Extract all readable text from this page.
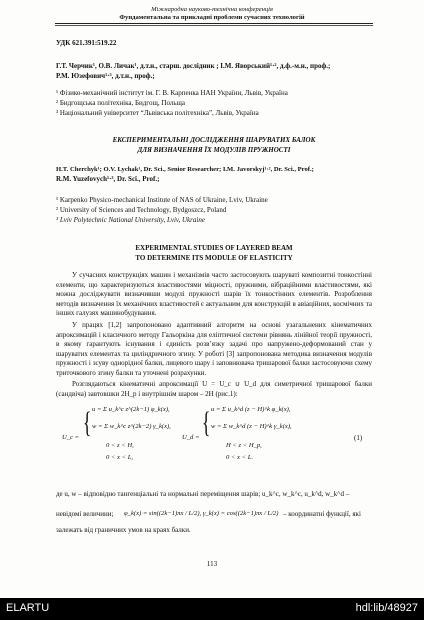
Міжнародна науково-технічна конференція
Фундаментальна та прикладні проблеми сучасних технологій
УДК 621.391:519.22
Г.Т. Черчик¹, О.В. Личак¹, д.т.н., старш. дослідник ; І.М. Яворський¹·², д.ф.-м.н., проф.;
Р.М. Юзефович¹·³, д.т.н., проф.;
¹ Фізико-механічний інститут ім. Г. В. Карпенка НАН України, Львів, Україна
² Бидгощська політехніка, Бидгощ, Польща
³ Національний університет “Львівська політехніка”, Львів, Україна
ЕКСПЕРИМЕНТАЛЬНІ ДОСЛІДЖЕННЯ ШАРУВАТИХ БАЛОК
ДЛЯ ВИЗНАЧЕННЯ ЇХ МОДУЛІВ ПРУЖНОСТІ
H.T. Cherchyk¹; O.V. Lychak¹, Dr. Sci., Senior Researcher; I.M. Javorskyj¹·², Dr. Sci., Prof.;
R.M. Yuzefovych¹·³, Dr. Sci., Prof.;
¹ Karpenko Physico-mechanical Institute of NAS of Ukraine, Lviv, Ukraine
² University of Sciences and Technology, Bydgoszcz, Poland
³ Lviv Polytechnic National University, Lviv, Ukraine
EXPERIMENTAL STUDIES OF LAYERED BEAM
TO DETERMINE ITS MODULE OF ELASTICITY
У сучасних конструкціях машин і механізмів часто застосовують шаруваті композитні тонкостінні елементи, що характеризуються властивостями міцності, пружними, вібраційними властивостями, які можна досліджувати визначивши модулі пружності шарів їх тонкостінних елементів. Розроблення методів визначення їх механічних властивостей є актуальним для конструкцій в авіаційних, космічних та інших галузях машинобудування.
У працях [1,2] запропоновано адаптивний алгоритм на основі узагальнених кінематичних апроксимацій і класичного методу Гальоркіна для еліптичної системи рівнянь лінійної теорії пружності, в якому гарантують існування і єдиність розв’язку задачі про напружено-деформований стан у шаруватих елементах та циліндричного згину. У роботі [3] запропонована методика визначення модулів пружності і зсуву однорідної балки, лицевого шару і заповнювача тришарової балки застосовуючи схему триточкового згину балки та уточнені розрахунки.
Розглядаються кінематичні апроксимації U = U_c ∪ U_d для симетричної тришарової балки (сандвіча) завтовшки 2H_p і внутрішнім шаром – 2H (рис.1):
U_c = { u = Σ u_k^c z^(2k−1) φ_k(x),
w = Σ w_k^c z^(2k−2) γ_k(x),
0 < z < H,
0 < x < L,
U_d = { u = Σ u_k^d (z − H)^k φ_k(x),
w = Σ w_k^d (z − H)^k γ_k(x),
H < z < H_p,
0 < x < L.
(1)
де u, w – відповідно тангенціальні та нормальні переміщення шарів; u_k^c, w_k^c, u_k^d, w_k^d –
невідомі величини; φ_k(x) = sin((2k−1)πx / L/2), γ_k(x) = cos((2k−1)πx / L/2) – координатні функції, які
залежать від граничних умов на краях балки.
113
ELARTU	hdl:lib/48927
